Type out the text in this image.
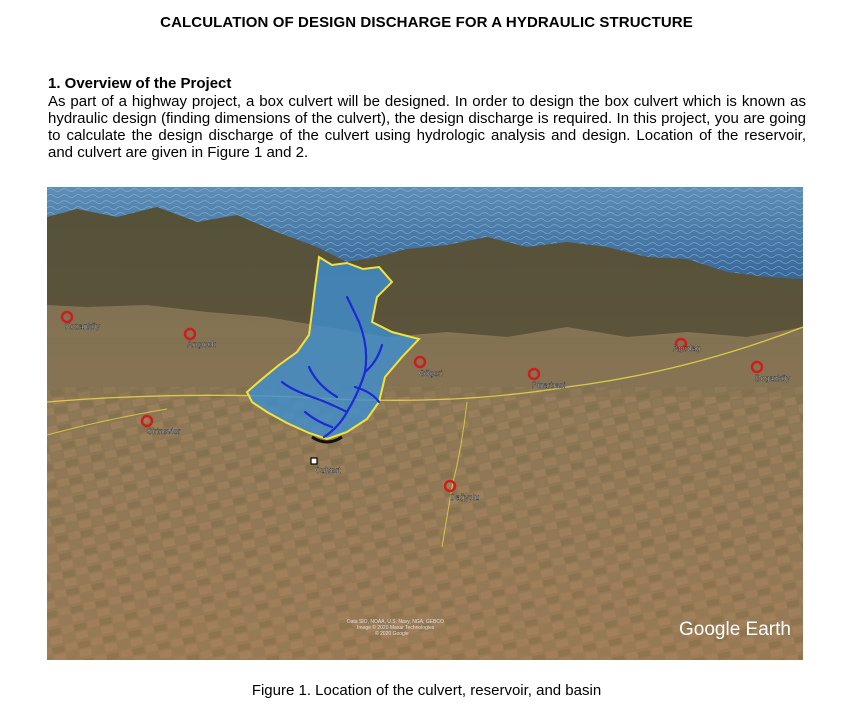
CALCULATION OF DESIGN DISCHARGE FOR A HYDRAULIC STRUCTURE
1. Overview of the Project
As part of a highway project, a box culvert will be designed. In order to design the box culvert which is known as hydraulic design (finding dimensions of the culvert), the design discharge is required. In this project, you are going to calculate the design discharge of the culvert using hydrologic analysis and design. Location of the reservoir, and culvert are given in Figure 1 and 2.
Kozanköy
Arıçıcek
Sirinevler
Göçeri
Pinarbasi
Agirdag
Bogazköy
Dağyolu
Culvert
Data SIO, NOAA, U.S. Navy, NGA, GEBCO
Image © 2020 Maxar Technologies
© 2020 Google	Google Earth
Figure 1. Location of the culvert, reservoir, and basin
